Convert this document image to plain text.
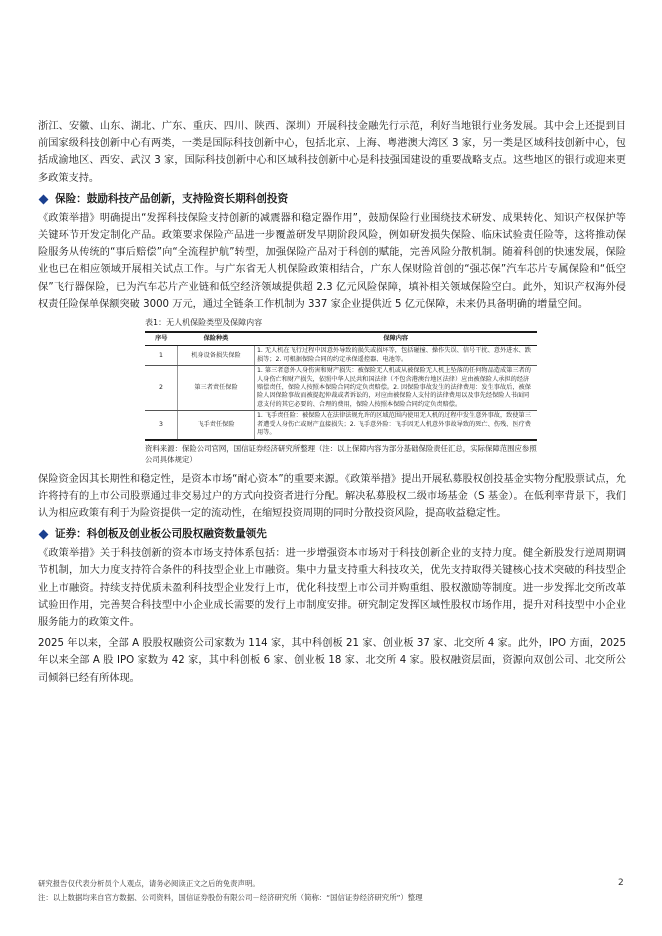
浙江、安徽、山东、湖北、广东、重庆、四川、陕西、深圳）开展科技金融先行示范，利好当地银行业务发展。其中会上还提到目前国家级科技创新中心有两类，一类是国际科技创新中心，包括北京、上海、粤港澳大湾区 3 家，另一类是区域科技创新中心，包括成渝地区、西安、武汉 3 家，国际科技创新中心和区域科技创新中心是科技强国建设的重要战略支点。这些地区的银行或迎来更多政策支持。

保险：鼓励科技产品创新，支持险资长期科创投资

《政策举措》明确提出“发挥科技保险支持创新的减震器和稳定器作用”，鼓励保险行业围绕技术研发、成果转化、知识产权保护等关键环节开发定制化产品。政策要求保险产品进一步覆盖研发早期阶段风险，例如研发损失保险、临床试验责任险等，这将推动保险服务从传统的“事后赔偿”向“全流程护航”转型，加强保险产品对于科创的赋能，完善风险分散机制。随着科创的快速发展，保险业也已在相应领域开展相关试点工作。与广东省无人机保险政策相结合，广东人保财险首创的“强芯保”汽车芯片专属保险和“低空保”飞行器保险，已为汽车芯片产业链和低空经济领域提供超 2.3 亿元风险保障，填补相关领域保险空白。此外，知识产权海外侵权责任险保单保额突破 3000 万元，通过全链条工作机制为 337 家企业提供近 5 亿元保障，未来仍具备明确的增量空间。

表1：无人机保险类型及保障内容
序号	保险种类	保障内容
1	机身设备损失保险	1. 无人机在飞行过程中因意外导致的损失或损坏等，包括碰撞、操作失误、信号干扰、意外进水、跌损等；2. 可根据保险合同的约定承保遥控器、电池等。
2	第三者责任保险	1. 第三者意外人身伤害和财产损失：被保险无人机或从被保险无人机上坠落的任何物品造成第三者的人身伤亡和财产损失，依照中华人民共和国法律（不包含港澳台地区法律）应由被保险人承担的经济赔偿责任，保险人按照本保险合同约定负责赔偿。2. 因保险事故发生的法律费用：发生事故后，被保险人因保险事故而被提起仲裁或者诉讼的，对应由被保险人支付的法律费用以及事先经保险人书面同意支付的其它必要的、合理的费用，保险人按照本保险合同约定负责赔偿。
3	飞手责任保险	1. 飞手责任险：被保险人在法律法规允许的区域范围内使用无人机的过程中发生意外事故，致使第三者遭受人身伤亡或财产直接损失；2. 飞手意外险：飞手因无人机意外事故导致的死亡、伤残、医疗费用等。
资料来源：保险公司官网，国信证券经济研究所整理（注：以上保障内容为部分基础保险责任汇总，实际保障范围应参照公司具体规定）

保险资金因其长期性和稳定性，是资本市场“耐心资本”的重要来源。《政策举措》提出开展私募股权创投基金实物分配股票试点，允许将持有的上市公司股票通过非交易过户的方式向投资者进行分配。解决私募股权二级市场基金（S 基金）。在低利率背景下，我们认为相应政策有利于为险资提供一定的流动性，在缩短投资周期的同时分散投资风险，提高收益稳定性。

证券：科创板及创业板公司股权融资数量领先

《政策举措》关于科技创新的资本市场支持体系包括：进一步增强资本市场对于科技创新企业的支持力度。健全新股发行逆周期调节机制，加大力度支持符合条件的科技型企业上市融资。集中力量支持重大科技攻关，优先支持取得关键核心技术突破的科技型企业上市融资。持续支持优质未盈利科技型企业发行上市，优化科技型上市公司并购重组、股权激励等制度。进一步发挥北交所改革试验田作用，完善契合科技型中小企业成长需要的发行上市制度安排。研究制定发挥区域性股权市场作用，提升对科技型中小企业服务能力的政策文件。

2025 年以来，全部 A 股股权融资公司家数为 114 家，其中科创板 21 家、创业板 37 家、北交所 4 家。此外，IPO 方面，2025 年以来全部 A 股 IPO 家数为 42 家，其中科创板 6 家、创业板 18 家、北交所 4 家。股权融资层面，资源向双创公司、北交所公司倾斜已经有所体现。

研究报告仅代表分析员个人观点，请务必阅读正文之后的免责声明。
注：以上数据均来自官方数据、公司资料，国信证券股份有限公司－经济研究所（简称：“国信证券经济研究所”）整理
2
